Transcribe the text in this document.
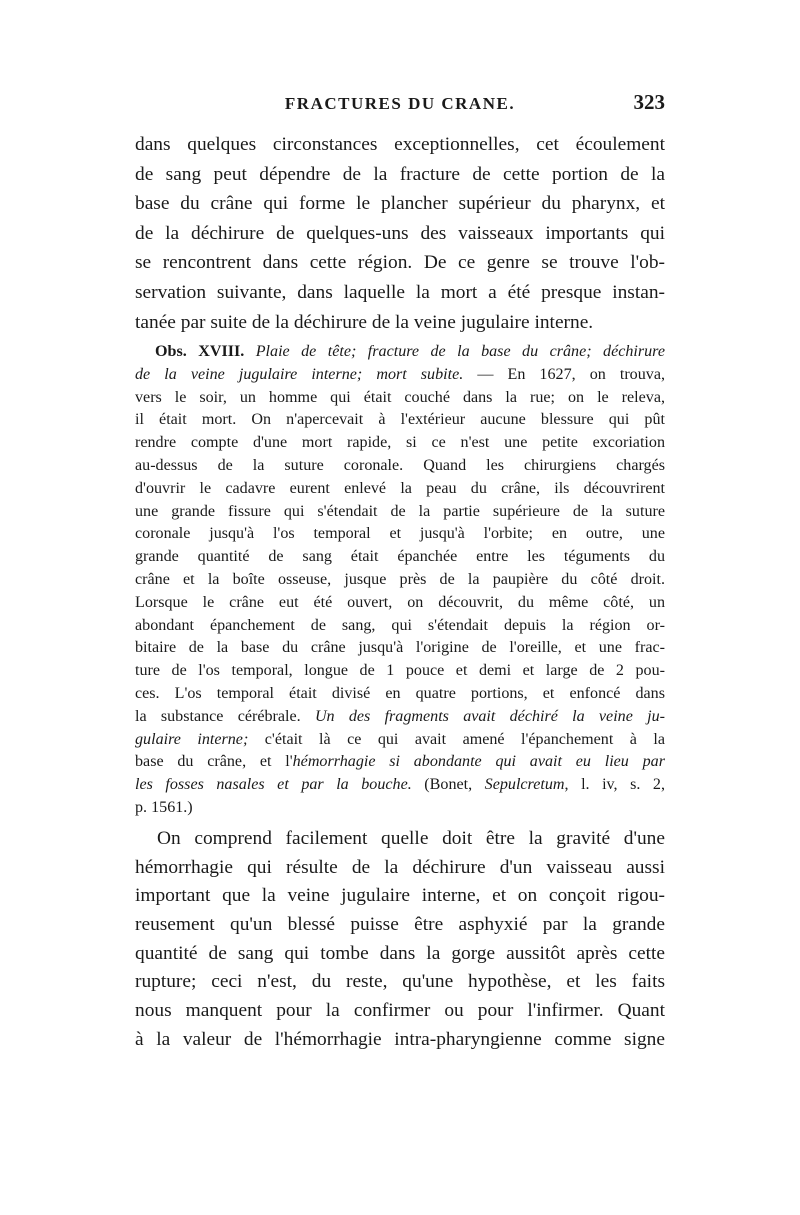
FRACTURES DU CRANE.	323
dans quelques circonstances exceptionnelles, cet écoulement
de sang peut dépendre de la fracture de cette portion de la
base du crâne qui forme le plancher supérieur du pharynx, et
de la déchirure de quelques-uns des vaisseaux importants qui
se rencontrent dans cette région. De ce genre se trouve l'ob-
servation suivante, dans laquelle la mort a été presque instan-
tanée par suite de la déchirure de la veine jugulaire interne.
Obs. XVIII. Plaie de tête; fracture de la base du crâne; déchirure
de la veine jugulaire interne; mort subite. — En 1627, on trouva,
vers le soir, un homme qui était couché dans la rue; on le releva,
il était mort. On n'apercevait à l'extérieur aucune blessure qui pût
rendre compte d'une mort rapide, si ce n'est une petite excoriation
au-dessus de la suture coronale. Quand les chirurgiens chargés
d'ouvrir le cadavre eurent enlevé la peau du crâne, ils découvrirent
une grande fissure qui s'étendait de la partie supérieure de la suture
coronale jusqu'à l'os temporal et jusqu'à l'orbite; en outre, une
grande quantité de sang était épanchée entre les téguments du
crâne et la boîte osseuse, jusque près de la paupière du côté droit.
Lorsque le crâne eut été ouvert, on découvrit, du même côté, un
abondant épanchement de sang, qui s'étendait depuis la région or-
bitaire de la base du crâne jusqu'à l'origine de l'oreille, et une frac-
ture de l'os temporal, longue de 1 pouce et demi et large de 2 pou-
ces. L'os temporal était divisé en quatre portions, et enfoncé dans
la substance cérébrale. Un des fragments avait déchiré la veine ju-
gulaire interne; c'était là ce qui avait amené l'épanchement à la
base du crâne, et l'hémorrhagie si abondante qui avait eu lieu par
les fosses nasales et par la bouche. (Bonet, Sepulcretum, l. iv, s. 2,
p. 1561.)
On comprend facilement quelle doit être la gravité d'une
hémorrhagie qui résulte de la déchirure d'un vaisseau aussi
important que la veine jugulaire interne, et on conçoit rigou-
reusement qu'un blessé puisse être asphyxié par la grande
quantité de sang qui tombe dans la gorge aussitôt après cette
rupture; ceci n'est, du reste, qu'une hypothèse, et les faits
nous manquent pour la confirmer ou pour l'infirmer. Quant
à la valeur de l'hémorrhagie intra-pharyngienne comme signe
